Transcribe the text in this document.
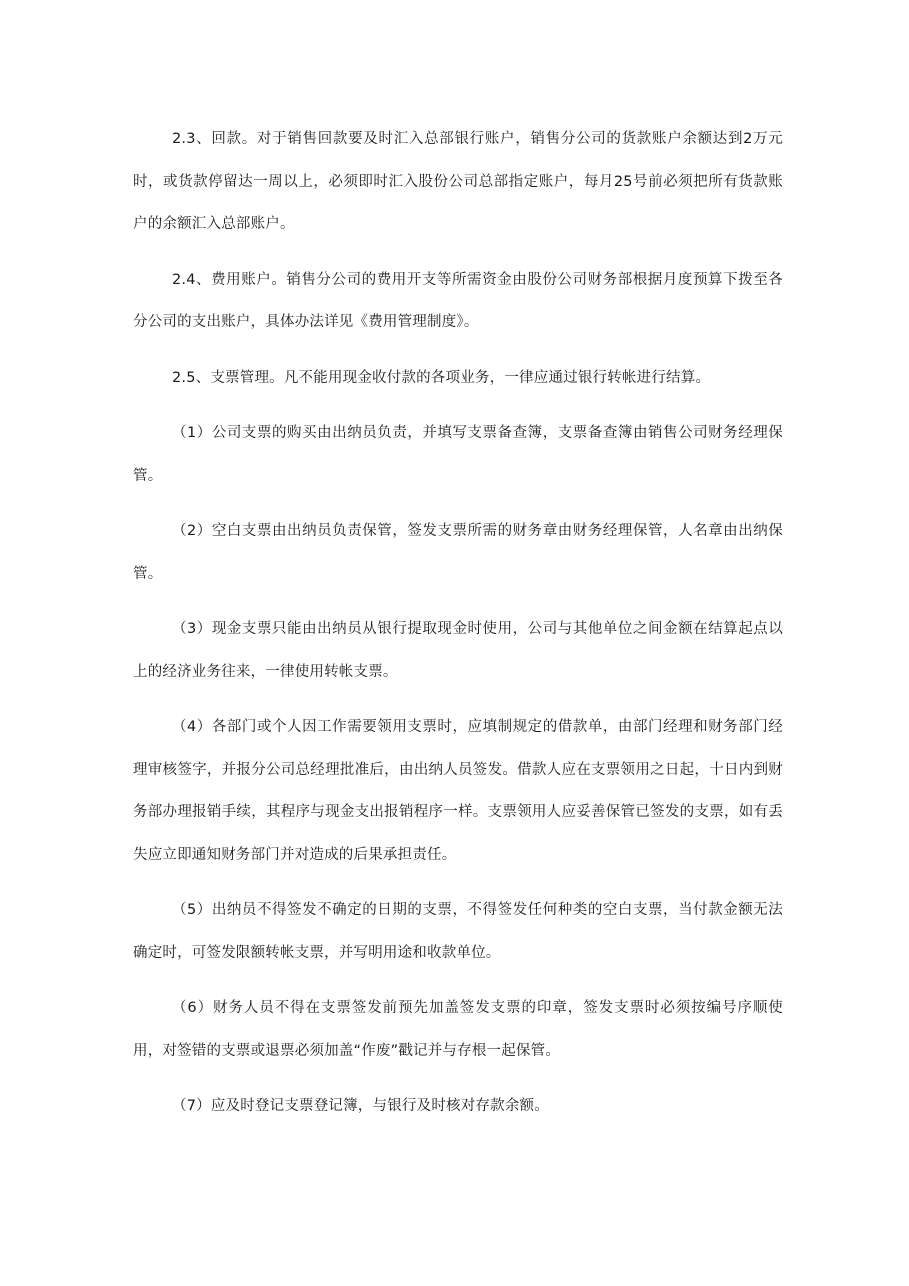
2.3、回款。对于销售回款要及时汇入总部银行账户，销售分公司的货款账户余额达到2万元时，或货款停留达一周以上，必须即时汇入股份公司总部指定账户，每月25号前必须把所有货款账户的余额汇入总部账户。

2.4、费用账户。销售分公司的费用开支等所需资金由股份公司财务部根据月度预算下拨至各分公司的支出账户，具体办法详见《费用管理制度》。

2.5、支票管理。凡不能用现金收付款的各项业务，一律应通过银行转帐进行结算。

（1）公司支票的购买由出纳员负责，并填写支票备查簿，支票备查簿由销售公司财务经理保管。

（2）空白支票由出纳员负责保管，签发支票所需的财务章由财务经理保管，人名章由出纳保管。

（3）现金支票只能由出纳员从银行提取现金时使用，公司与其他单位之间金额在结算起点以上的经济业务往来，一律使用转帐支票。

（4）各部门或个人因工作需要领用支票时，应填制规定的借款单，由部门经理和财务部门经理审核签字，并报分公司总经理批准后，由出纳人员签发。借款人应在支票领用之日起，十日内到财务部办理报销手续，其程序与现金支出报销程序一样。支票领用人应妥善保管已签发的支票，如有丢失应立即通知财务部门并对造成的后果承担责任。

（5）出纳员不得签发不确定的日期的支票，不得签发任何种类的空白支票，当付款金额无法确定时，可签发限额转帐支票，并写明用途和收款单位。

（6）财务人员不得在支票签发前预先加盖签发支票的印章，签发支票时必须按编号序顺使用，对签错的支票或退票必须加盖“作废”戳记并与存根一起保管。

（7）应及时登记支票登记簿，与银行及时核对存款余额。
